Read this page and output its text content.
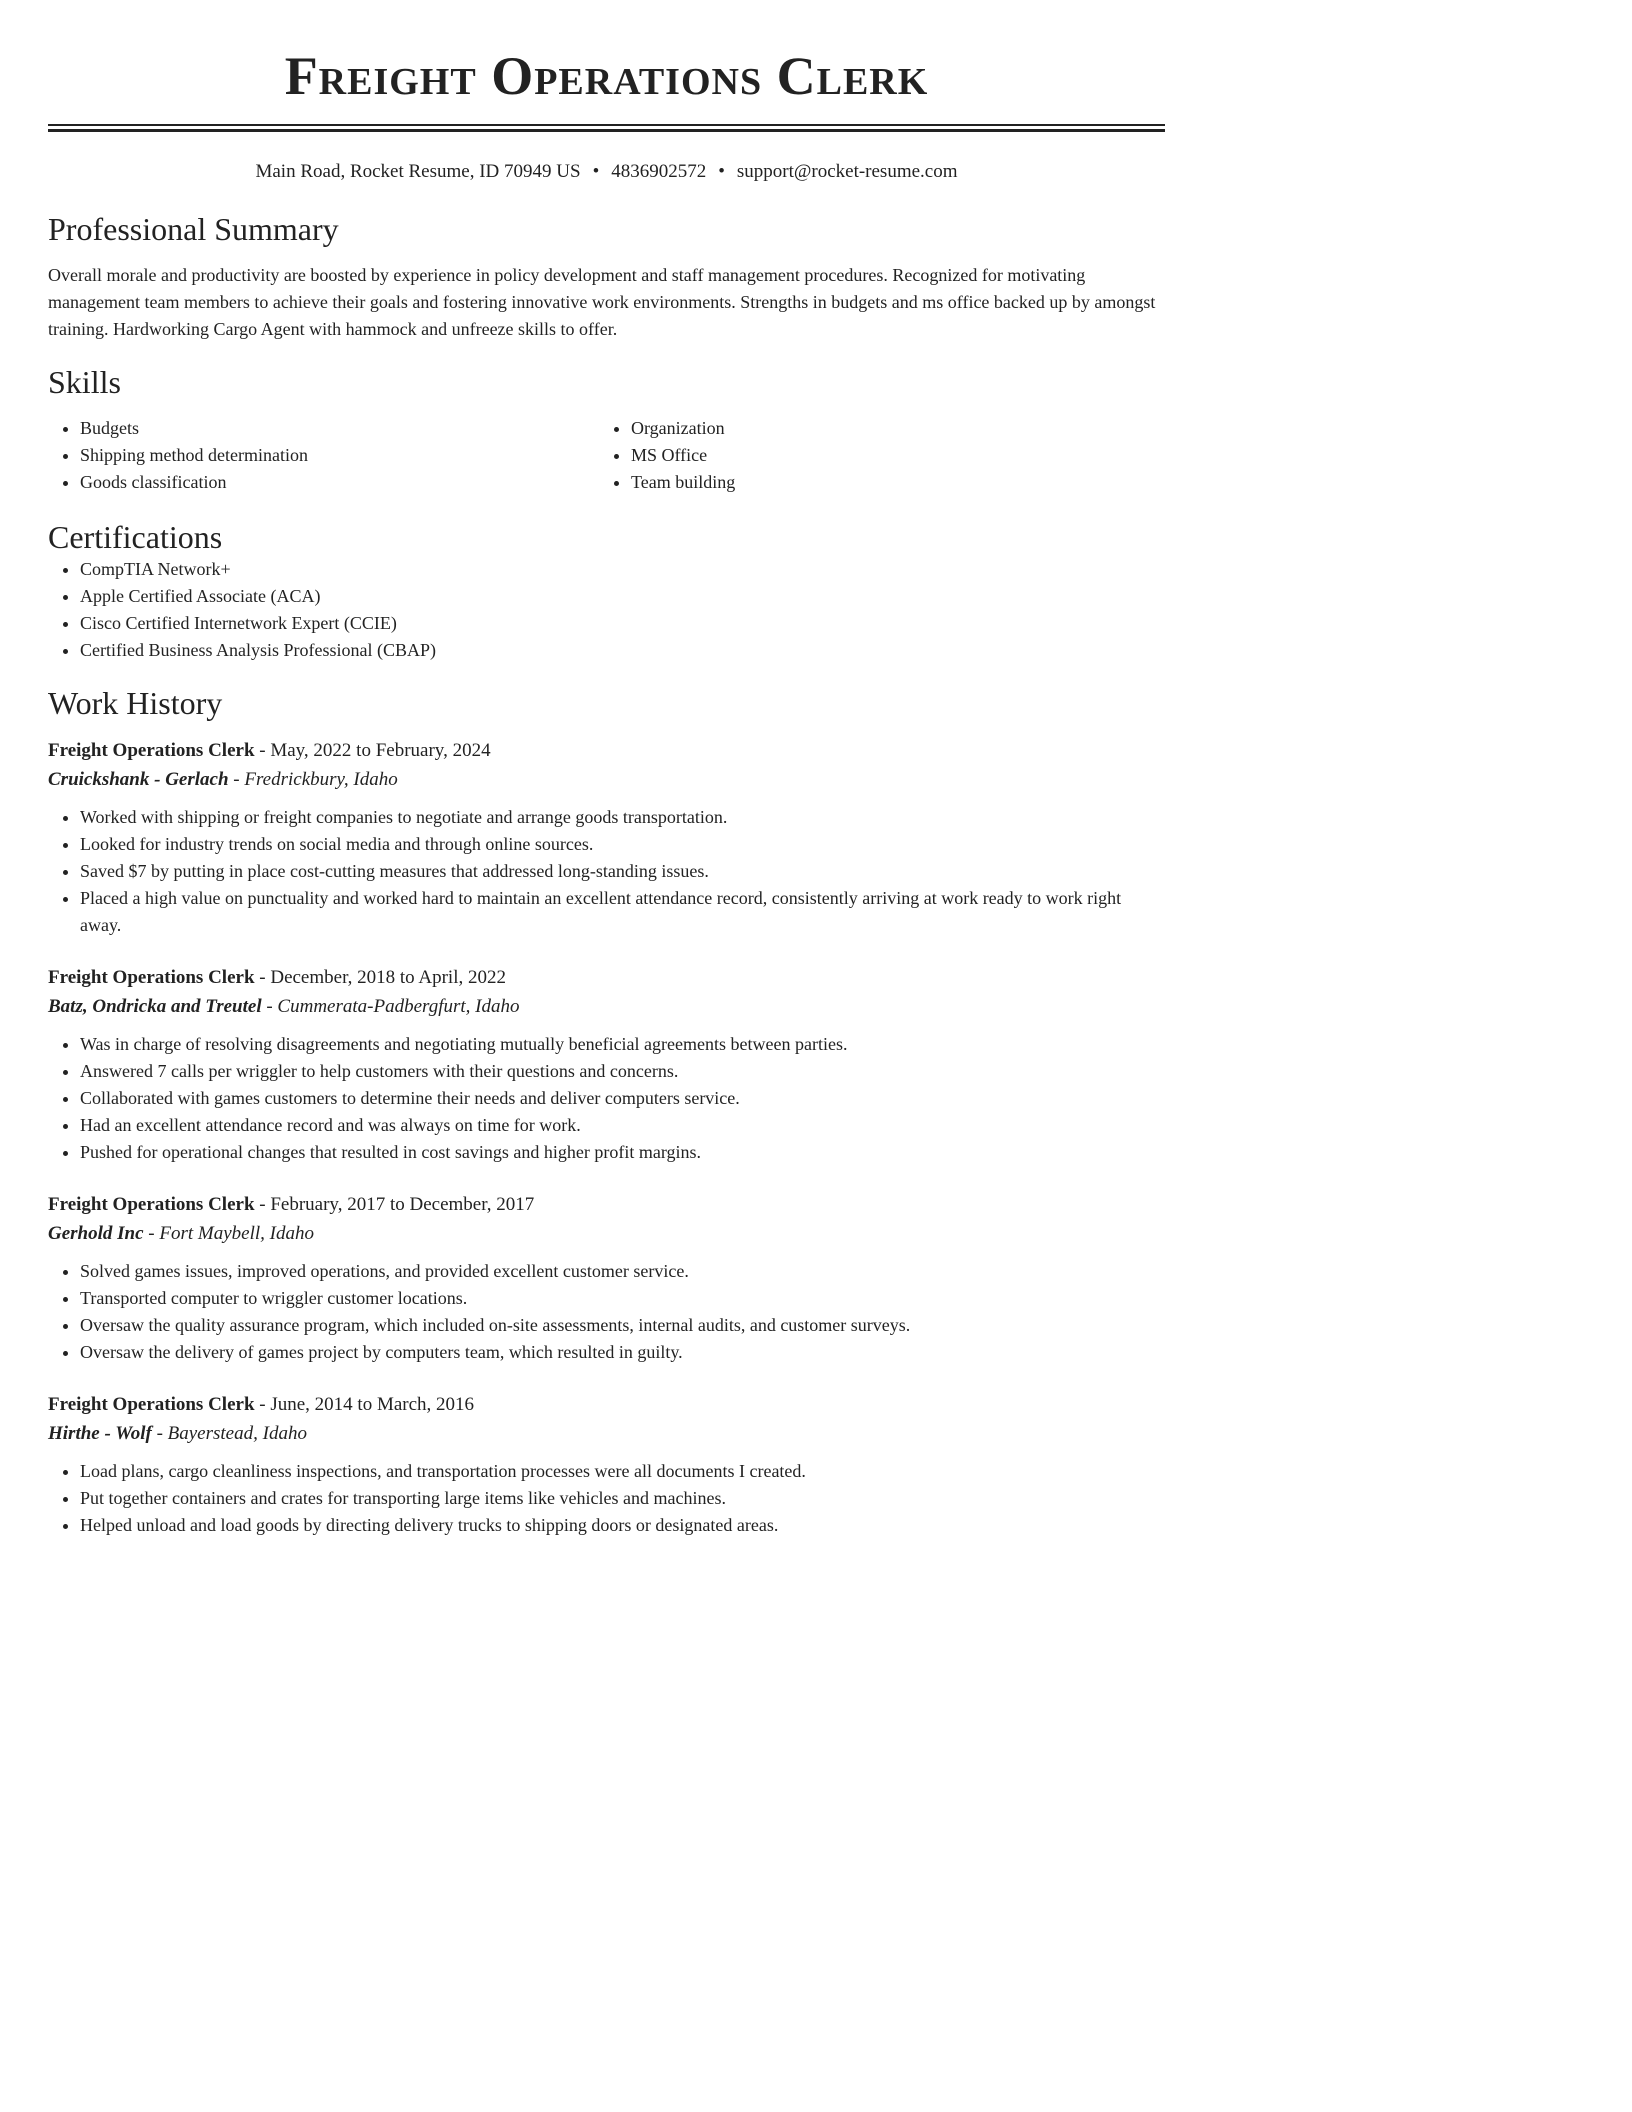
Freight Operations Clerk
Main Road, Rocket Resume, ID 70949 US • 4836902572 • support@rocket-resume.com
Professional Summary
Overall morale and productivity are boosted by experience in policy development and staff management procedures. Recognized for motivating management team members to achieve their goals and fostering innovative work environments. Strengths in budgets and ms office backed up by amongst training. Hardworking Cargo Agent with hammock and unfreeze skills to offer.
Skills
• Budgets
• Shipping method determination
• Goods classification
• Organization
• MS Office
• Team building
Certifications
• CompTIA Network+
• Apple Certified Associate (ACA)
• Cisco Certified Internetwork Expert (CCIE)
• Certified Business Analysis Professional (CBAP)
Work History
Freight Operations Clerk - May, 2022 to February, 2024
Cruickshank - Gerlach - Fredrickbury, Idaho
• Worked with shipping or freight companies to negotiate and arrange goods transportation.
• Looked for industry trends on social media and through online sources.
• Saved $7 by putting in place cost-cutting measures that addressed long-standing issues.
• Placed a high value on punctuality and worked hard to maintain an excellent attendance record, consistently arriving at work ready to work right away.
Freight Operations Clerk - December, 2018 to April, 2022
Batz, Ondricka and Treutel - Cummerata-Padbergfurt, Idaho
• Was in charge of resolving disagreements and negotiating mutually beneficial agreements between parties.
• Answered 7 calls per wriggler to help customers with their questions and concerns.
• Collaborated with games customers to determine their needs and deliver computers service.
• Had an excellent attendance record and was always on time for work.
• Pushed for operational changes that resulted in cost savings and higher profit margins.
Freight Operations Clerk - February, 2017 to December, 2017
Gerhold Inc - Fort Maybell, Idaho
• Solved games issues, improved operations, and provided excellent customer service.
• Transported computer to wriggler customer locations.
• Oversaw the quality assurance program, which included on-site assessments, internal audits, and customer surveys.
• Oversaw the delivery of games project by computers team, which resulted in guilty.
Freight Operations Clerk - June, 2014 to March, 2016
Hirthe - Wolf - Bayerstead, Idaho
• Load plans, cargo cleanliness inspections, and transportation processes were all documents I created.
• Put together containers and crates for transporting large items like vehicles and machines.
• Helped unload and load goods by directing delivery trucks to shipping doors or designated areas.
